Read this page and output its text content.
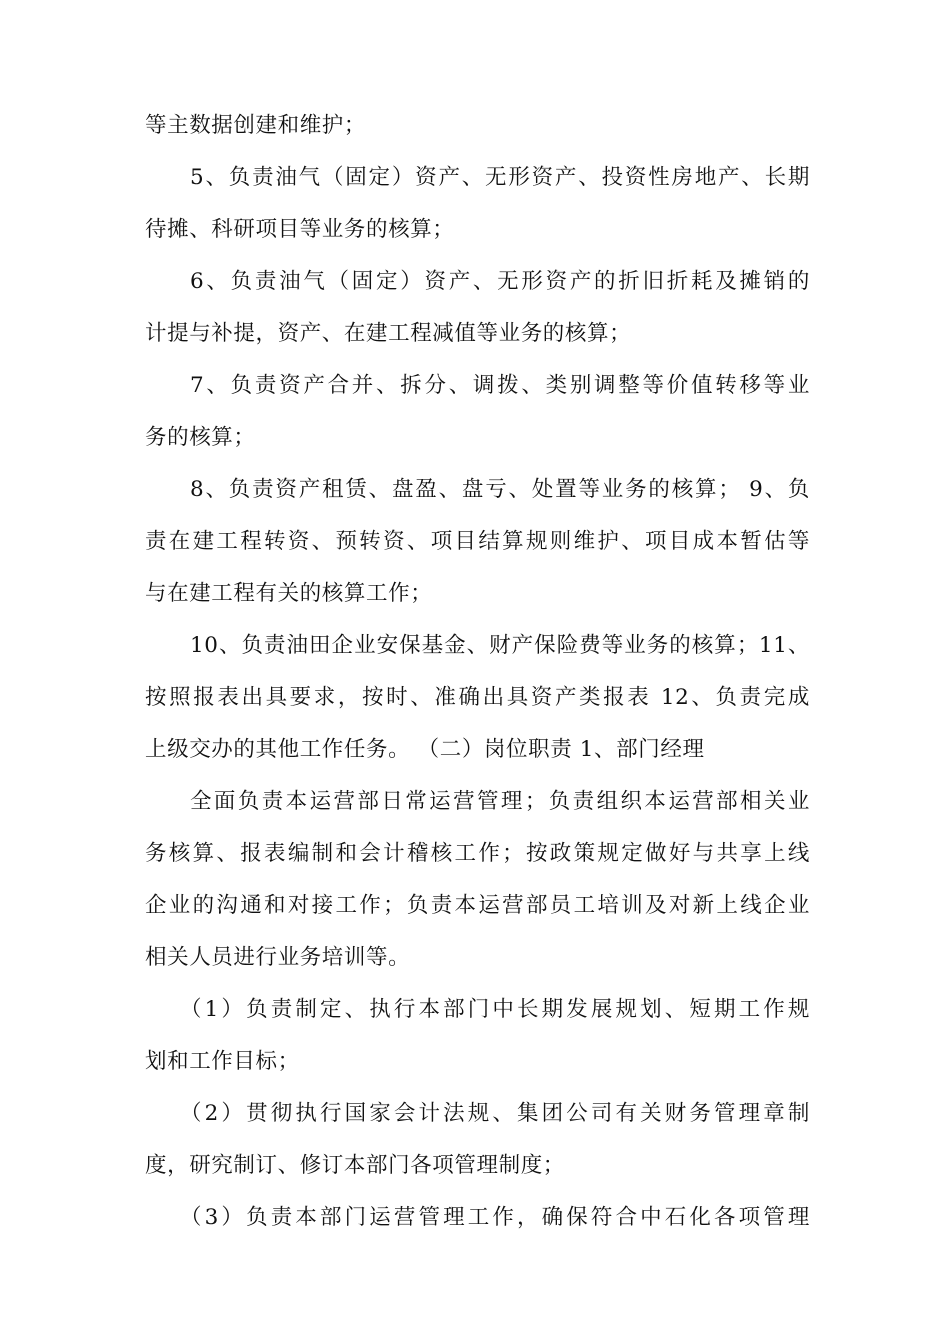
等主数据创建和维护；
5、负责油气（固定）资产、无形资产、投资性房地产、长期
待摊、科研项目等业务的核算；
6、负责油气（固定）资产、无形资产的折旧折耗及摊销的
计提与补提，资产、在建工程减值等业务的核算；
7、负责资产合并、拆分、调拨、类别调整等价值转移等业
务的核算；
8、负责资产租赁、盘盈、盘亏、处置等业务的核算； 9、负
责在建工程转资、预转资、项目结算规则维护、项目成本暂估等
与在建工程有关的核算工作；
10、负责油田企业安保基金、财产保险费等业务的核算；11、
按照报表出具要求，按时、准确出具资产类报表 12、负责完成
上级交办的其他工作任务。 （二）岗位职责 1、部门经理
全面负责本运营部日常运营管理；负责组织本运营部相关业
务核算、报表编制和会计稽核工作；按政策规定做好与共享上线
企业的沟通和对接工作；负责本运营部员工培训及对新上线企业
相关人员进行业务培训等。
（1）负责制定、执行本部门中长期发展规划、短期工作规
划和工作目标；
（2）贯彻执行国家会计法规、集团公司有关财务管理章制
度，研究制订、修订本部门各项管理制度；
（3）负责本部门运营管理工作，确保符合中石化各项管理
